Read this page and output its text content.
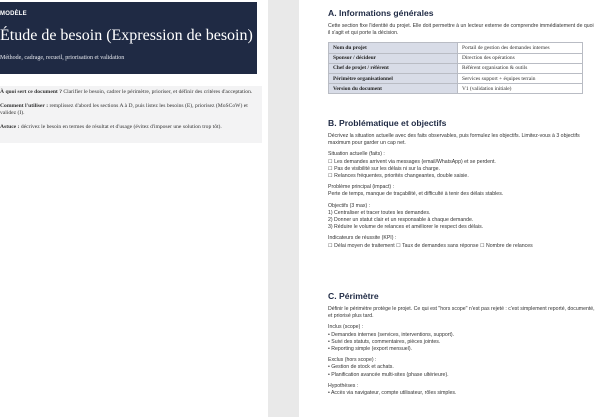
MODÈLE
Étude de besoin (Expression de besoin)
Méthode, cadrage, recueil, priorisation et validation

À quoi sert ce document ? Clarifier le besoin, cadrer le périmètre, prioriser, et définir des critères d'acceptation.

Comment l'utiliser : remplissez d'abord les sections A à D, puis listez les besoins (E), priorisez (MoSCoW) et validez (I).

Astuce : décrivez le besoin en termes de résultat et d'usage (évitez d'imposer une solution trop tôt).

A. Informations générales
Cette section fixe l'identité du projet. Elle doit permettre à un lecteur externe de comprendre immédiatement de quoi il s'agit et qui porte la décision.
Nom du projet	Portail de gestion des demandes internes
Sponsor / décideur	Direction des opérations
Chef de projet / référent	Référent organisation & outils
Périmètre organisationnel	Services support + équipes terrain
Version du document	V1 (validation initiale)
B. Problématique et objectifs
Décrivez la situation actuelle avec des faits observables, puis formulez les objectifs. Limitez-vous à 3 objectifs maximum pour garder un cap net.

Situation actuelle (faits) :

☐ Les demandes arrivent via messages (email/WhatsApp) et se perdent.

☐ Pas de visibilité sur les délais ni sur la charge.

☐ Relances fréquentes, priorités changeantes, double saisie.

Problème principal (impact) :

Perte de temps, manque de traçabilité, et difficulté à tenir des délais stables.

Objectifs (3 max) :

1) Centraliser et tracer toutes les demandes.

2) Donner un statut clair et un responsable à chaque demande.

3) Réduire le volume de relances et améliorer le respect des délais.

Indicateurs de réussite (KPI) :

☐ Délai moyen de traitement ☐ Taux de demandes sans réponse ☐ Nombre de relances

C. Périmètre
Définir le périmètre protège le projet. Ce qui est "hors scope" n'est pas rejeté : c'est simplement reporté, documenté, et priorisé plus tard.

Inclus (scope) :

• Demandes internes (services, interventions, support).

• Suivi des statuts, commentaires, pièces jointes.

• Reporting simple (export mensuel).

Exclus (hors scope) :

• Gestion de stock et achats.

• Planification avancée multi-sites (phase ultérieure).

Hypothèses :

• Accès via navigateur, compte utilisateur, rôles simples.
